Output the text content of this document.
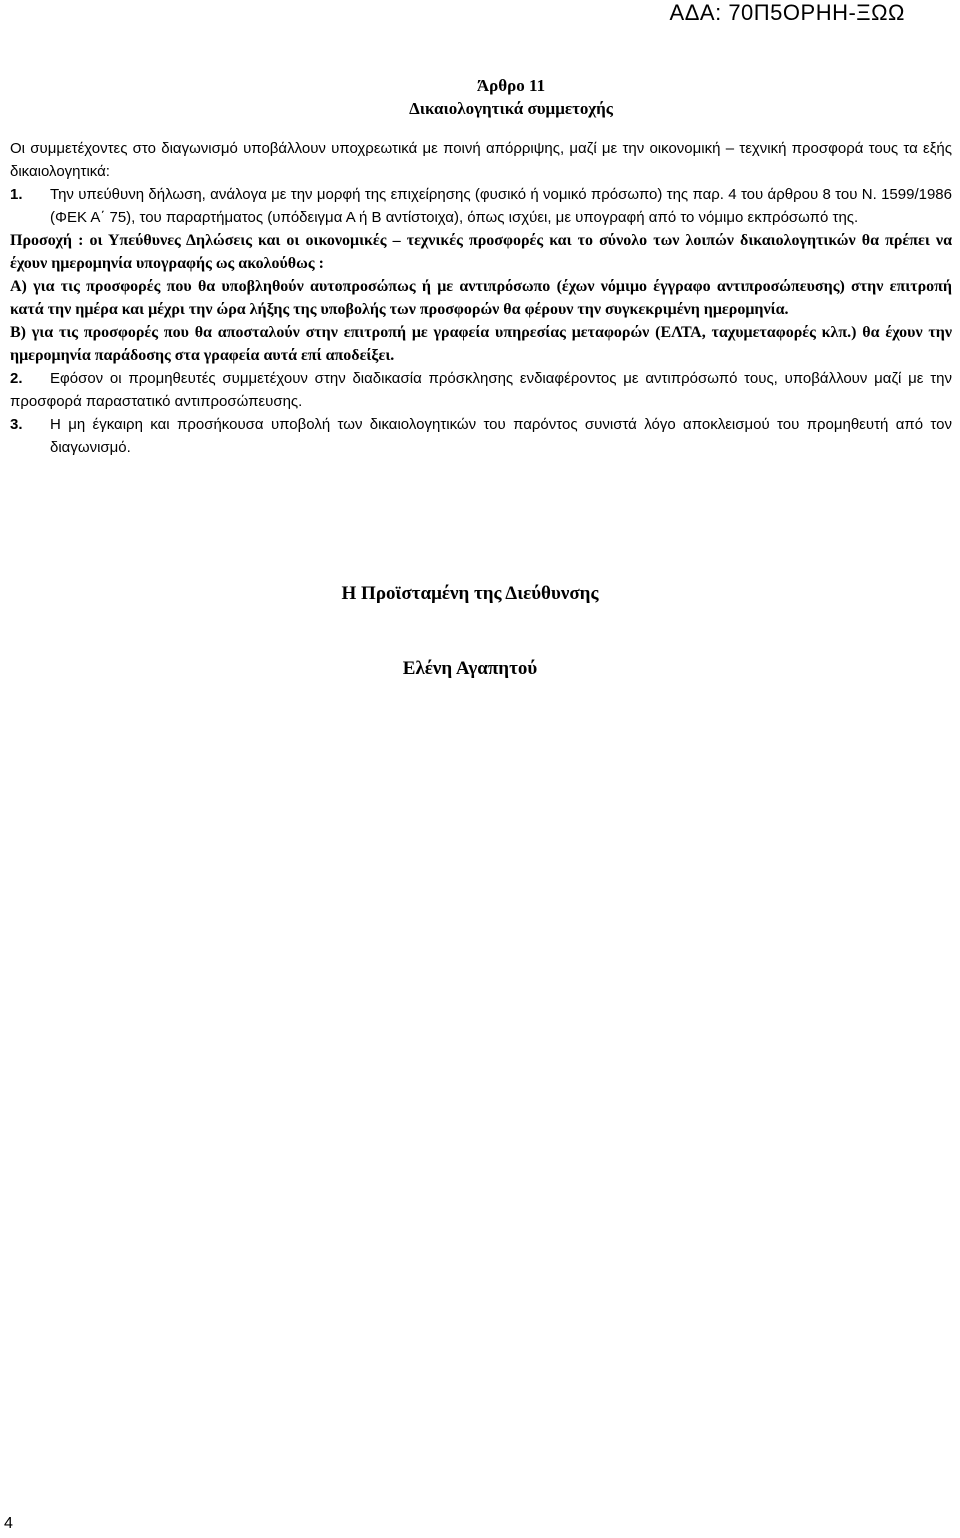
ΑΔΑ: 70Π5ΟΡΗΗ-ΞΩΩ

Άρθρο 11

Δικαιολογητικά συμμετοχής

Οι συμμετέχοντες στο διαγωνισμό υποβάλλουν υποχρεωτικά με ποινή απόρριψης, μαζί με την οικονομική – τεχνική προσφορά τους τα εξής δικαιολογητικά:

1. Την υπεύθυνη δήλωση, ανάλογα με την μορφή της επιχείρησης (φυσικό ή νομικό πρόσωπο) της παρ. 4 του άρθρου 8 του Ν. 1599/1986 (ΦΕΚ Α΄ 75), του παραρτήματος (υπόδειγμα Α ή Β αντίστοιχα), όπως ισχύει, με υπογραφή από το νόμιμο εκπρόσωπό της.

Προσοχή : οι Υπεύθυνες Δηλώσεις και οι οικονομικές – τεχνικές προσφορές και το σύνολο των λοιπών δικαιολογητικών θα πρέπει να έχουν ημερομηνία υπογραφής ως ακολούθως :

Α) για τις προσφορές που θα υποβληθούν αυτοπροσώπως ή με αντιπρόσωπο (έχων νόμιμο έγγραφο αντιπροσώπευσης) στην επιτροπή κατά την ημέρα και μέχρι την ώρα λήξης της υποβολής των προσφορών θα φέρουν την συγκεκριμένη ημερομηνία.

Β) για τις προσφορές που θα αποσταλούν στην επιτροπή με γραφεία υπηρεσίας μεταφορών (ΕΛΤΑ, ταχυμεταφορές κλπ.) θα έχουν την ημερομηνία παράδοσης στα γραφεία αυτά επί αποδείξει.

2. Εφόσον οι προμηθευτές συμμετέχουν στην διαδικασία πρόσκλησης ενδιαφέροντος με αντιπρόσωπό τους, υποβάλλουν μαζί με την προσφορά παραστατικό αντιπροσώπευσης.

3. Η μη έγκαιρη και προσήκουσα υποβολή των δικαιολογητικών του παρόντος συνιστά λόγο αποκλεισμού του προμηθευτή από τον διαγωνισμό.

Η Προϊσταμένη της Διεύθυνσης
Ελένη Αγαπητού
4
